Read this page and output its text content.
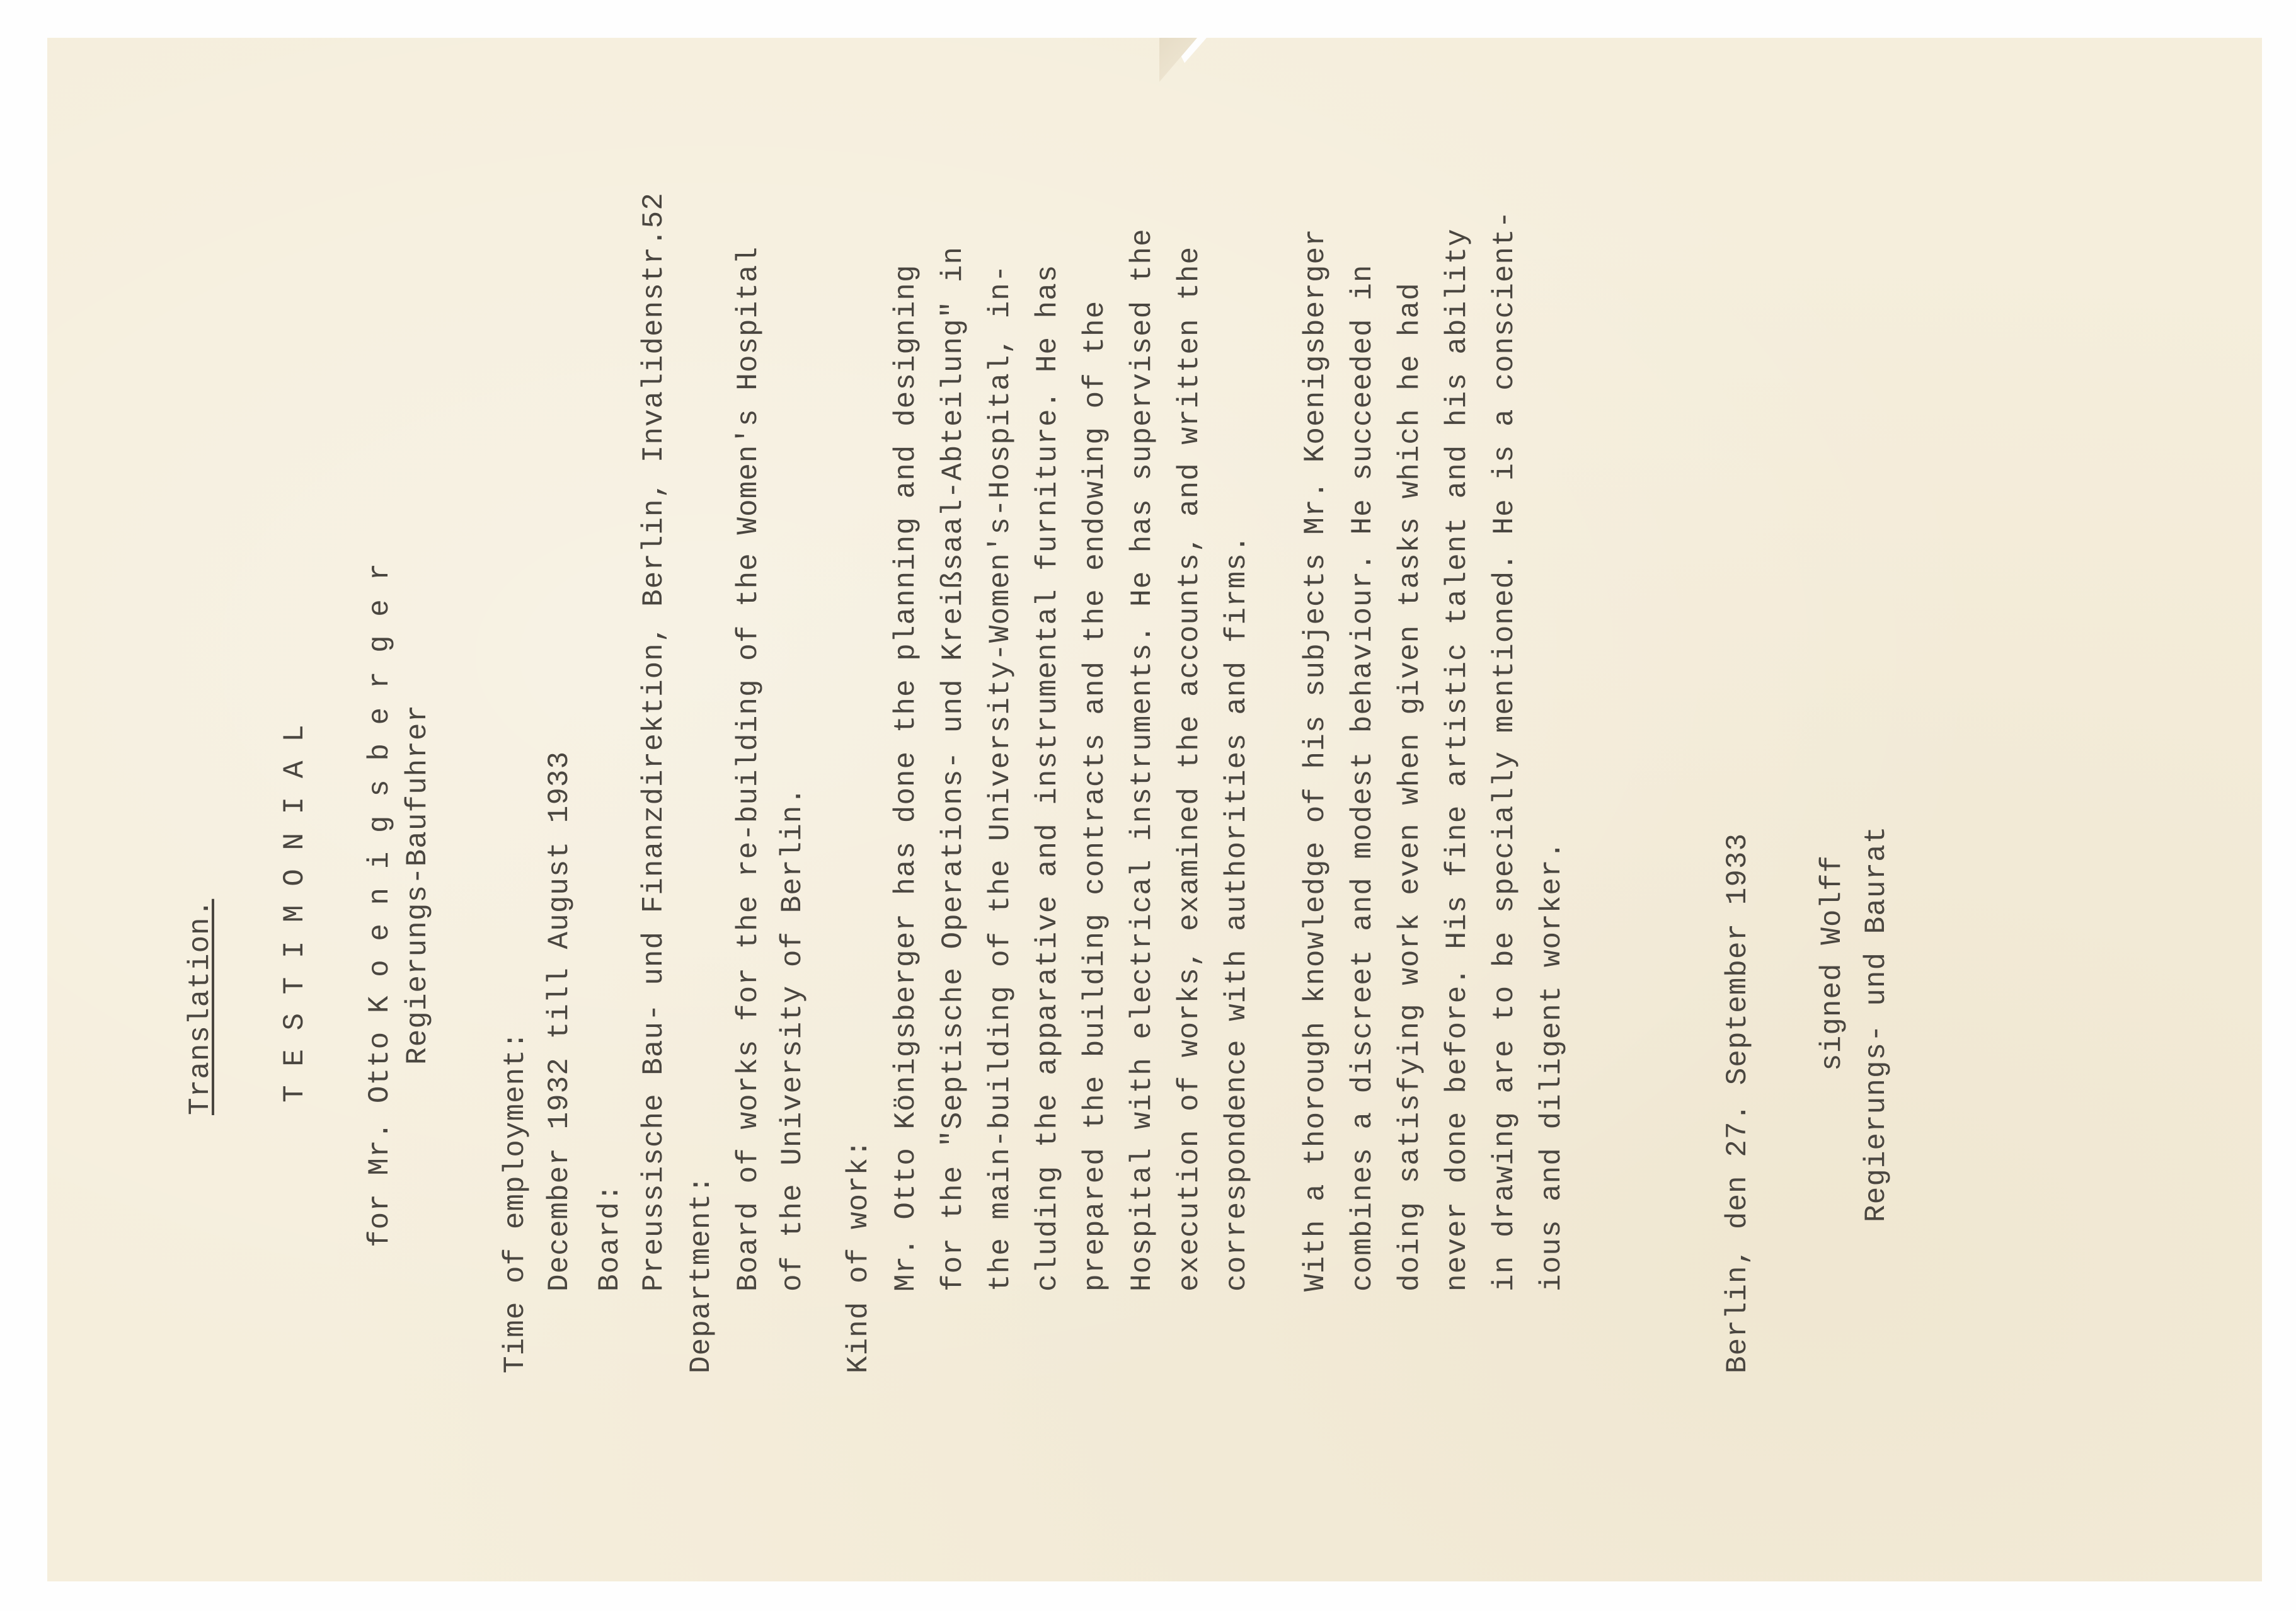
Translation. T E S T I M O N I A L for Mr. Otto K o e n i g s b e r g e r Regierungs-Baufuhrer
Time of employment: December 1932 till August 1933 Board: Preussische Bau- und Finanzdirektion, Berlin, Invalidenstr.52 Department: Board of works for the re-building of the Women's Hospital of the University of Berlin. Kind of work: Mr. Otto Königsberger has done the planning and designing for the "Septische Operations- und Kreißsaal-Abteilung" in the main-building of the University-Women's-Hospital, in- cluding the apparative and instrumental furniture. He has prepared the building contracts and the endowing of the Hospital with electrical instruments. He has supervised the execution of works, examined the accounts, and written the correspondence with authorities and firms. With a thorough knowledge of his subjects Mr. Koenigsberger combines a discreet and modest behaviour. He succeeded in doing satisfying work even when given tasks which he had never done before. His fine artistic talent and his ability in drawing are to be specially mentioned. He is a conscient- ious and diligent worker.	Berlin, den 27. September 1933 signed Wolff Regierungs- und Baurat
